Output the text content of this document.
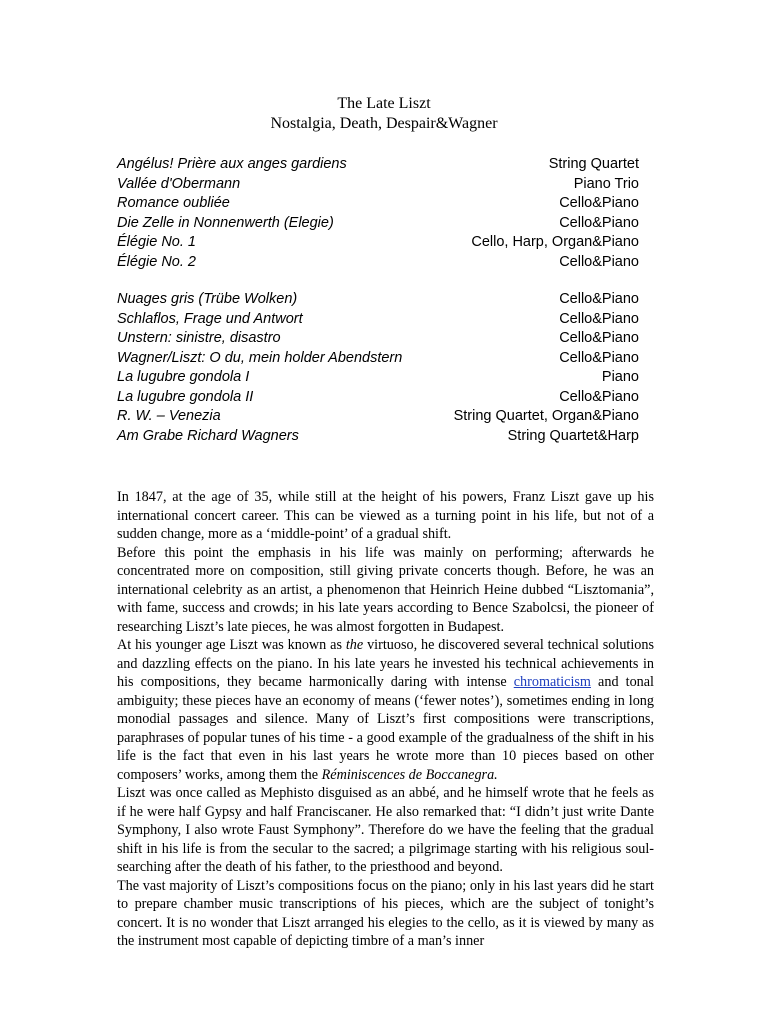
The Late Liszt
Nostalgia, Death, Despair&Wagner
Angélus! Prière aux anges gardiens	String Quartet
Vallée d'Obermann	Piano Trio
Romance oubliée	Cello&Piano
Die Zelle in Nonnenwerth (Elegie)	Cello&Piano
Élégie No. 1	Cello, Harp, Organ&Piano
Élégie No. 2	Cello&Piano
Nuages gris (Trübe Wolken)	Cello&Piano
Schlaflos, Frage und Antwort	Cello&Piano
Unstern: sinistre, disastro	Cello&Piano
Wagner/Liszt: O du, mein holder Abendstern	Cello&Piano
La lugubre gondola I	Piano
La lugubre gondola II	Cello&Piano
R. W. – Venezia	String Quartet, Organ&Piano
Am Grabe Richard Wagners	String Quartet&Harp

In 1847, at the age of 35, while still at the height of his powers, Franz Liszt gave up his international concert career. This can be viewed as a turning point in his life, but not of a sudden change, more as a ‘middle-point’ of a gradual shift.

Before this point the emphasis in his life was mainly on performing; afterwards he concentrated more on composition, still giving private concerts though. Before, he was an international celebrity as an artist, a phenomenon that Heinrich Heine dubbed “Lisztomania”, with fame, success and crowds; in his late years according to Bence Szabolcsi, the pioneer of researching Liszt’s late pieces, he was almost forgotten in Budapest.

At his younger age Liszt was known as the virtuoso, he discovered several technical solutions and dazzling effects on the piano. In his late years he invested his technical achievements in his compositions, they became harmonically daring with intense chromaticism and tonal ambiguity; these pieces have an economy of means (‘fewer notes’), sometimes ending in long monodial passages and silence. Many of Liszt’s first compositions were transcriptions, paraphrases of popular tunes of his time - a good example of the gradualness of the shift in his life is the fact that even in his last years he wrote more than 10 pieces based on other composers’ works, among them the Réminiscences de Boccanegra.

Liszt was once called as Mephisto disguised as an abbé, and he himself wrote that he feels as if he were half Gypsy and half Franciscaner. He also remarked that: “I didn’t just write Dante Symphony, I also wrote Faust Symphony”. Therefore do we have the feeling that the gradual shift in his life is from the secular to the sacred; a pilgrimage starting with his religious soul-searching after the death of his father, to the priesthood and beyond.

The vast majority of Liszt’s compositions focus on the piano; only in his last years did he start to prepare chamber music transcriptions of his pieces, which are the subject of tonight’s concert. It is no wonder that Liszt arranged his elegies to the cello, as it is viewed by many as the instrument most capable of depicting timbre of a man’s inner
